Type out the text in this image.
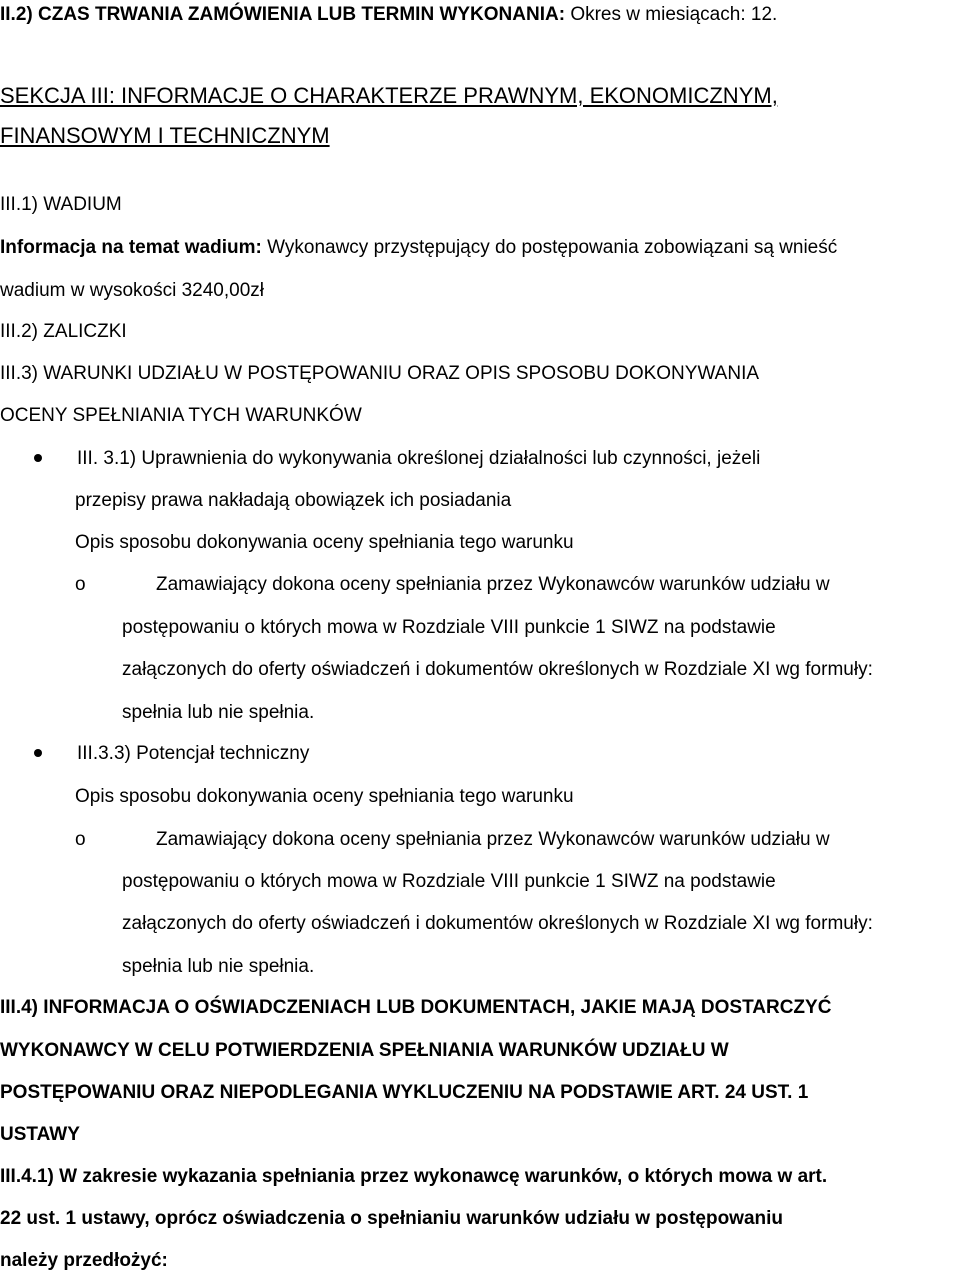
II.2) CZAS TRWANIA ZAMÓWIENIA LUB TERMIN WYKONANIA: Okres w miesiącach: 12.
SEKCJA III: INFORMACJE O CHARAKTERZE PRAWNYM, EKONOMICZNYM,
FINANSOWYM I TECHNICZNYM
III.1) WADIUM
Informacja na temat wadium: Wykonawcy przystępujący do postępowania zobowiązani są wnieść
wadium w wysokości 3240,00zł
III.2) ZALICZKI
III.3) WARUNKI UDZIAŁU W POSTĘPOWANIU ORAZ OPIS SPOSOBU DOKONYWANIA
OCENY SPEŁNIANIA TYCH WARUNKÓW
III. 3.1) Uprawnienia do wykonywania określonej działalności lub czynności, jeżeli
przepisy prawa nakładają obowiązek ich posiadania
Opis sposobu dokonywania oceny spełniania tego warunku
o	Zamawiający dokona oceny spełniania przez Wykonawców warunków udziału w
postępowaniu o których mowa w Rozdziale VIII punkcie 1 SIWZ na podstawie
załączonych do oferty oświadczeń i dokumentów określonych w Rozdziale XI wg formuły:
spełnia lub nie spełnia.
III.3.3) Potencjał techniczny
Opis sposobu dokonywania oceny spełniania tego warunku
o	Zamawiający dokona oceny spełniania przez Wykonawców warunków udziału w
postępowaniu o których mowa w Rozdziale VIII punkcie 1 SIWZ na podstawie
załączonych do oferty oświadczeń i dokumentów określonych w Rozdziale XI wg formuły:
spełnia lub nie spełnia.
III.4) INFORMACJA O OŚWIADCZENIACH LUB DOKUMENTACH, JAKIE MAJĄ DOSTARCZYĆ
WYKONAWCY W CELU POTWIERDZENIA SPEŁNIANIA WARUNKÓW UDZIAŁU W
POSTĘPOWANIU ORAZ NIEPODLEGANIA WYKLUCZENIU NA PODSTAWIE ART. 24 UST. 1
USTAWY
III.4.1) W zakresie wykazania spełniania przez wykonawcę warunków, o których mowa w art.
22 ust. 1 ustawy, oprócz oświadczenia o spełnianiu warunków udziału w postępowaniu
należy przedłożyć:
